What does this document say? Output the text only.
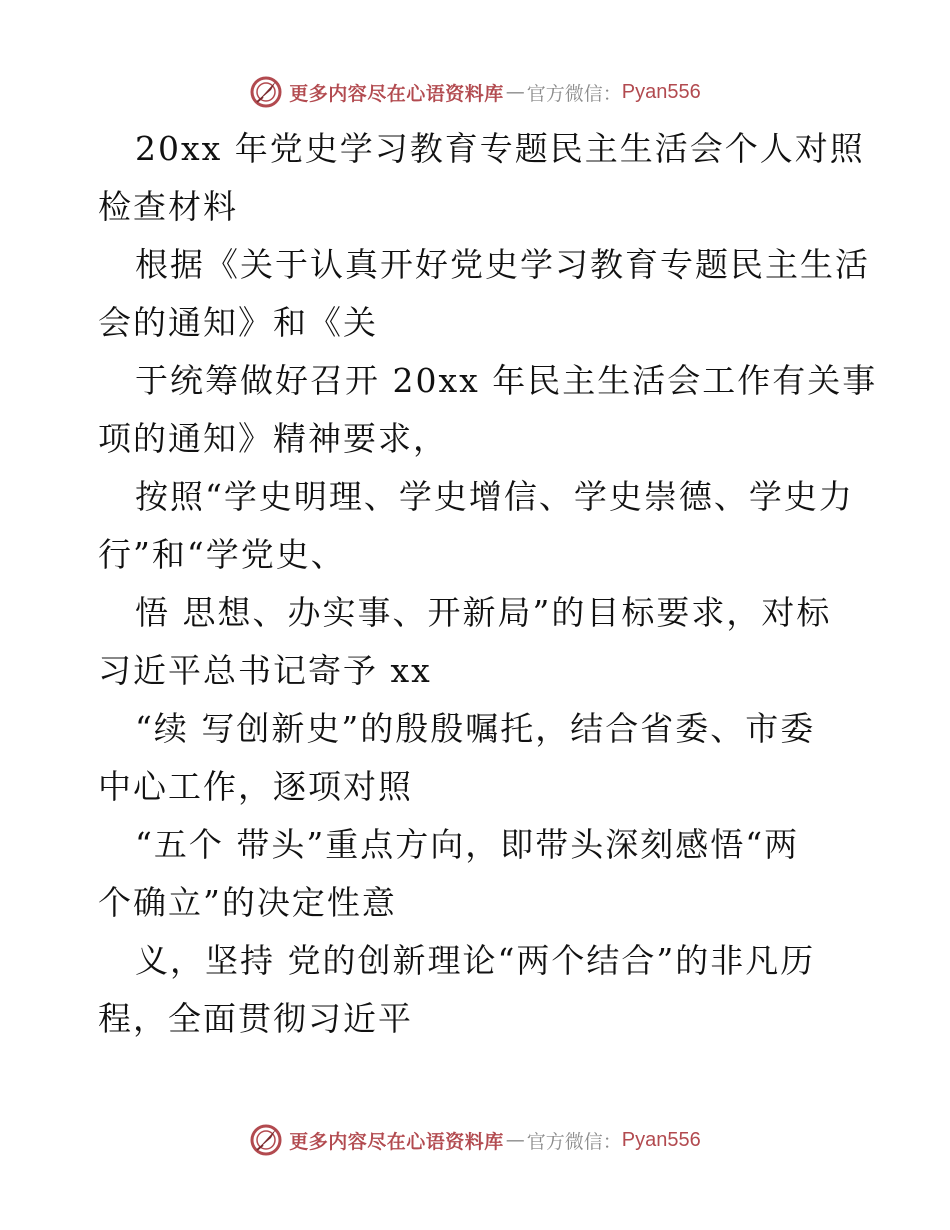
更多内容尽在心语资料库 — 官方微信： Pyan556
20xx 年党史学习教育专题民主生活会个人对照
检查材料
根据《关于认真开好党史学习教育专题民主生活
会的通知》和《关
于统筹做好召开 20xx 年民主生活会工作有关事
项的通知》精神要求，
按照“学史明理、学史增信、学史崇德、学史力
行”和“学党史、
悟 思想、办实事、开新局”的目标要求，对标
习近平总书记寄予 xx
“续 写创新史”的殷殷嘱托，结合省委、市委
中心工作，逐项对照
“五个 带头”重点方向，即带头深刻感悟“两
个确立”的决定性意
义，坚持 党的创新理论“两个结合”的非凡历
程，全面贯彻习近平
更多内容尽在心语资料库 — 官方微信： Pyan556
